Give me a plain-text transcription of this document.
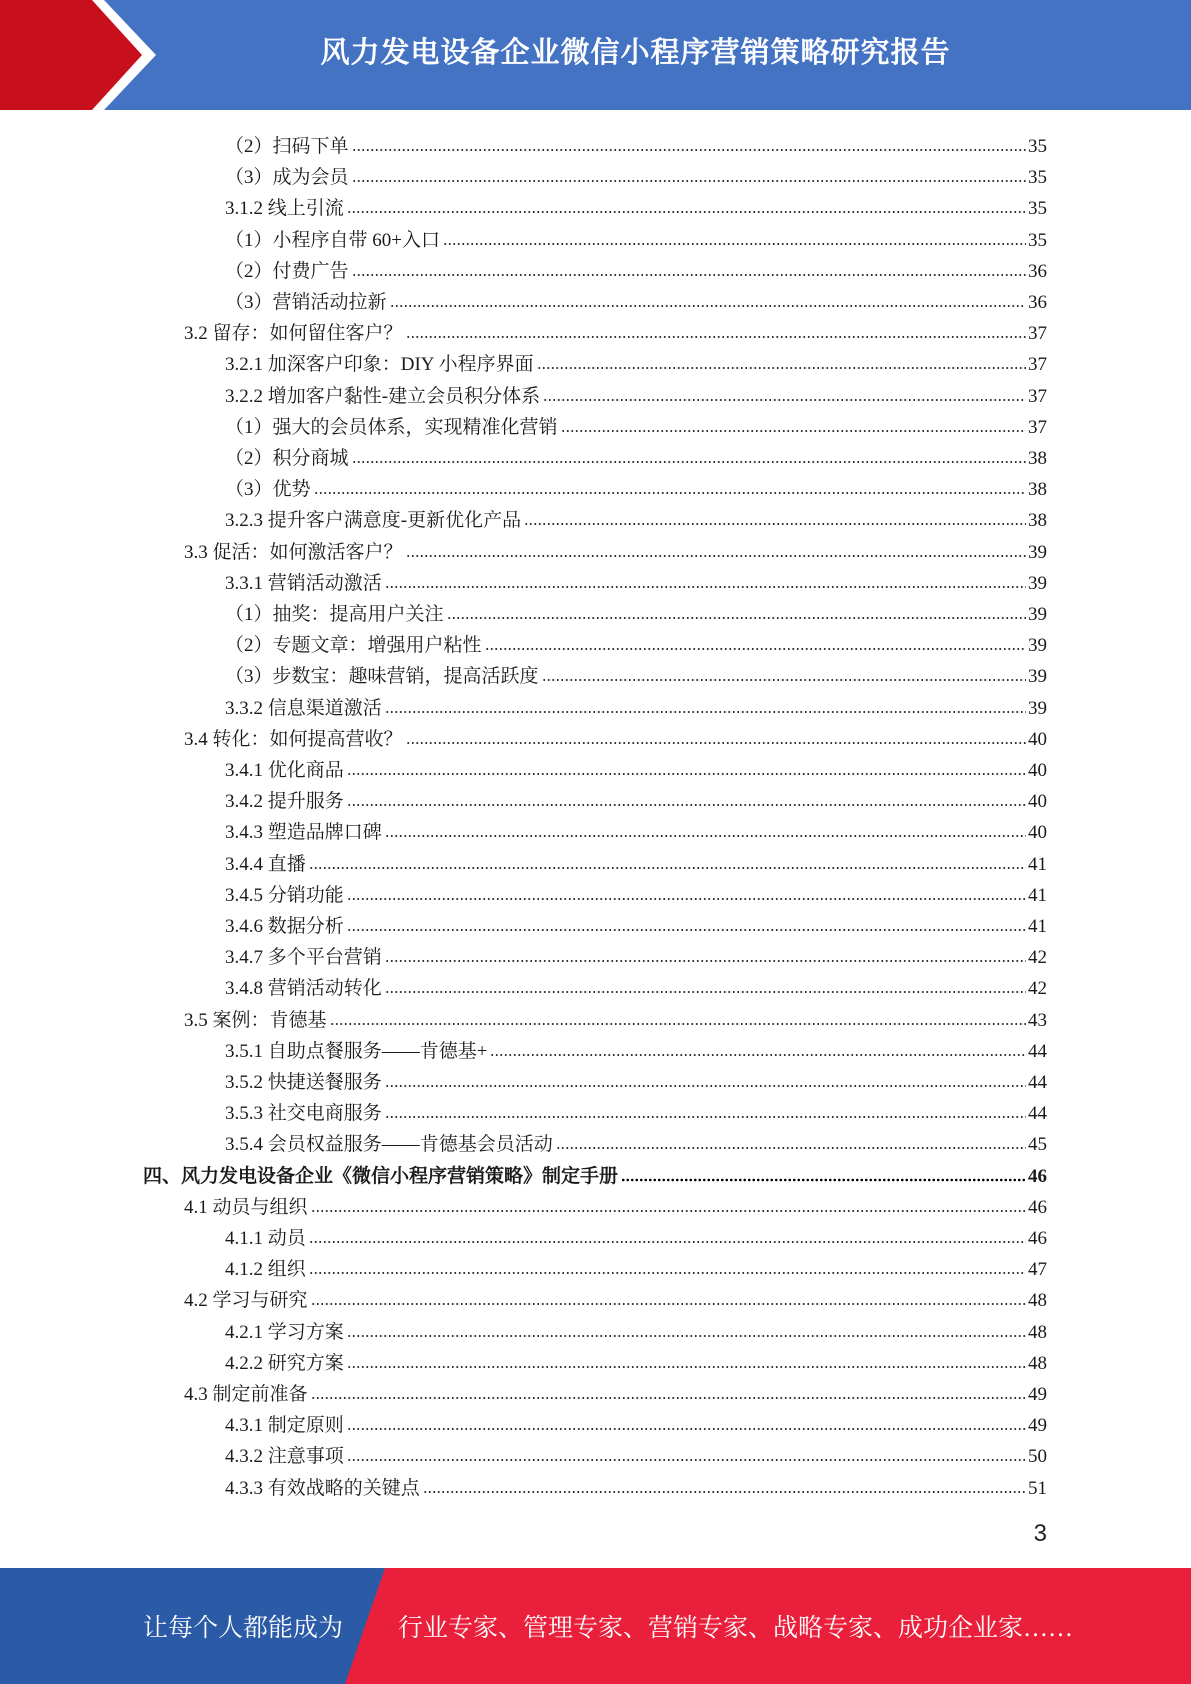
风力发电设备企业微信小程序营销策略研究报告
（2）扫码下单	35
（3）成为会员	35
3.1.2 线上引流	35
（1）小程序自带 60+入口	35
（2）付费广告	36
（3）营销活动拉新	36
3.2 留存：如何留住客户？	37
3.2.1 加深客户印象：DIY 小程序界面	37
3.2.2 增加客户黏性-建立会员积分体系	37
（1）强大的会员体系，实现精准化营销	37
（2）积分商城	38
（3）优势	38
3.2.3 提升客户满意度-更新优化产品	38
3.3 促活：如何激活客户？	39
3.3.1 营销活动激活	39
（1）抽奖：提高用户关注	39
（2）专题文章：增强用户粘性	39
（3）步数宝：趣味营销，提高活跃度	39
3.3.2 信息渠道激活	39
3.4 转化：如何提高营收？	40
3.4.1 优化商品	40
3.4.2 提升服务	40
3.4.3 塑造品牌口碑	40
3.4.4 直播	41
3.4.5 分销功能	41
3.4.6 数据分析	41
3.4.7 多个平台营销	42
3.4.8 营销活动转化	42
3.5 案例：肯德基	43
3.5.1 自助点餐服务——肯德基+	44
3.5.2 快捷送餐服务	44
3.5.3 社交电商服务	44
3.5.4 会员权益服务——肯德基会员活动	45
四、风力发电设备企业《微信小程序营销策略》制定手册	46
4.1 动员与组织	46
4.1.1 动员	46
4.1.2 组织	47
4.2 学习与研究	48
4.2.1 学习方案	48
4.2.2 研究方案	48
4.3 制定前准备	49
4.3.1 制定原则	49
4.3.2 注意事项	50
4.3.3 有效战略的关键点	51
3
让每个人都能成为	行业专家、管理专家、营销专家、战略专家、成功企业家……
